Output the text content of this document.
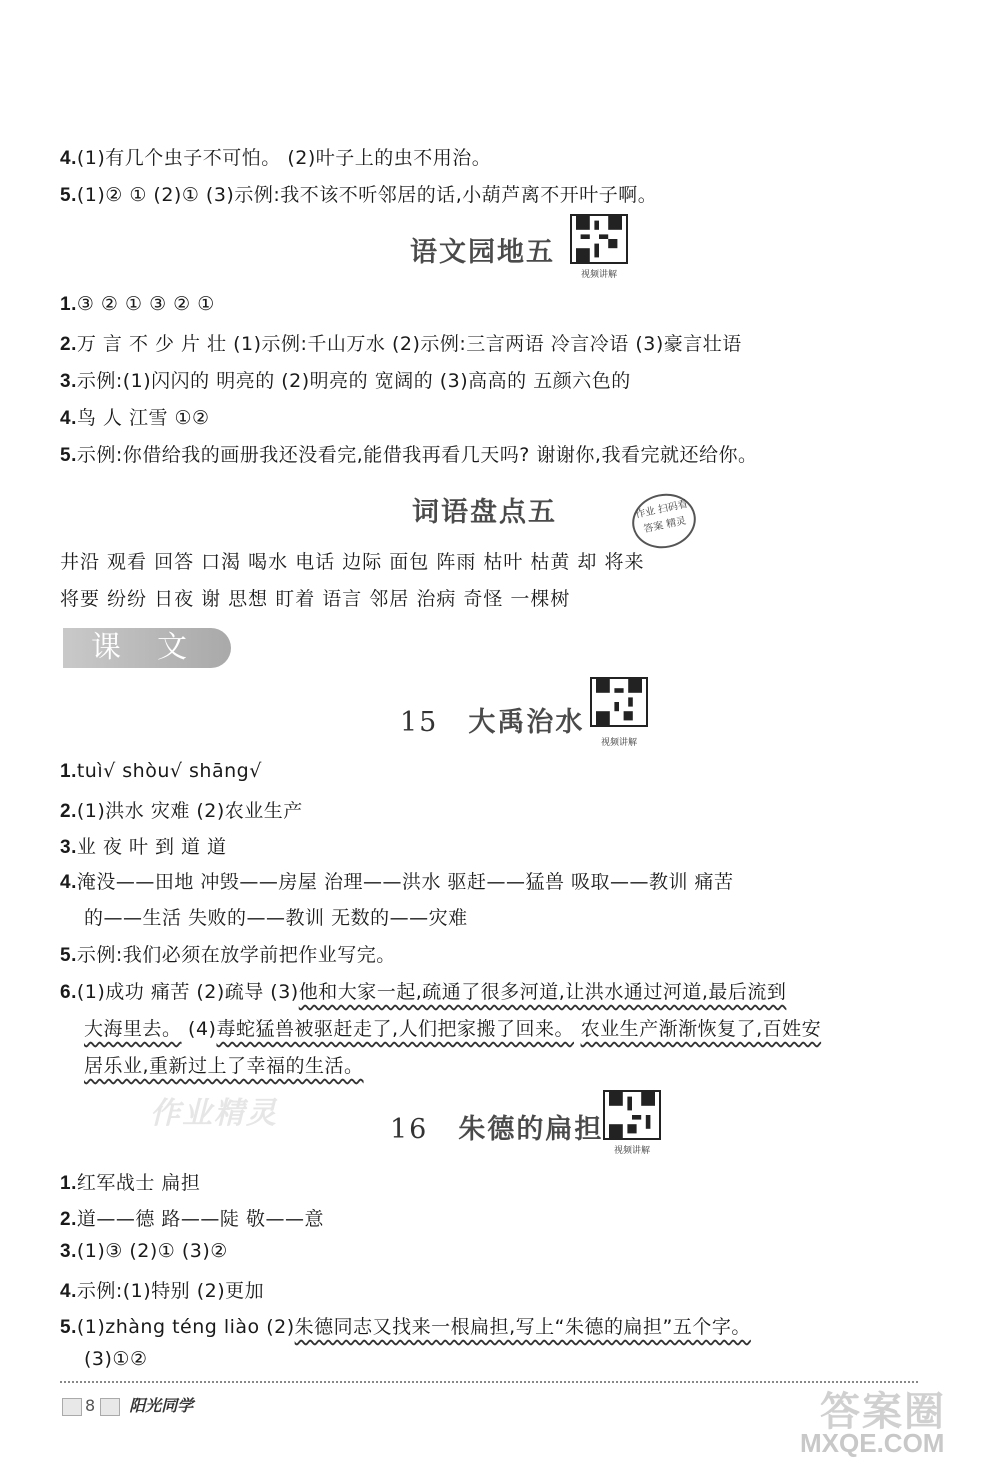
4.(1)有几个虫子不可怕。 (2)叶子上的虫不用治。
5.(1)② ① (2)① (3)示例:我不该不听邻居的话,小葫芦离不开叶子啊。
语文园地五
视频讲解
1.③ ② ① ③ ② ①
2.万 言 不 少 片 壮 (1)示例:千山万水 (2)示例:三言两语 冷言冷语 (3)豪言壮语
3.示例:(1)闪闪的 明亮的 (2)明亮的 宽阔的 (3)高高的 五颜六色的
4.鸟 人 江雪 ①②
5.示例:你借给我的画册我还没看完,能借我再看几天吗? 谢谢你,我看完就还给你。
词语盘点五	作业 扫码看答案 精灵
井沿 观看 回答 口渴 喝水 电话 边际 面包 阵雨 枯叶 枯黄 却 将来
将要 纷纷 日夜 谢 思想 盯着 语言 邻居 治病 奇怪 一棵树
课文
15 大禹治水
视频讲解
1.tuì√ shòu√ shāng√
2.(1)洪水 灾难 (2)农业生产
3.业 夜 叶 到 道 道
4.淹没——田地 冲毁——房屋 治理——洪水 驱赶——猛兽 吸取——教训 痛苦
的——生活 失败的——教训 无数的——灾难
5.示例:我们必须在放学前把作业写完。
6.(1)成功 痛苦 (2)疏导 (3)他和大家一起,疏通了很多河道,让洪水通过河道,最后流到
大海里去。 (4)毒蛇猛兽被驱赶走了,人们把家搬了回来。 农业生产渐渐恢复了,百姓安
居乐业,重新过上了幸福的生活。
作业精灵	16 朱德的扁担
视频讲解
1.红军战士 扁担
2.道——德 路——陡 敬——意
3.(1)③ (2)① (3)②
4.示例:(1)特别 (2)更加
5.(1)zhàng téng liào (2)朱德同志又找来一根扁担,写上“朱德的扁担”五个字。
(3)①②
8 阳光同学	答案圈
MXQE.COM
